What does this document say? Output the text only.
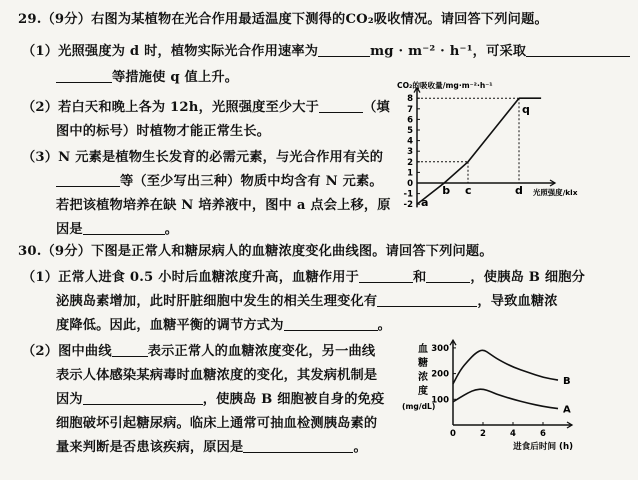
29.（9分）右图为某植物在光合作用最适温度下测得的CO₂吸收情况。请回答下列问题。
（1）光照强度为 d 时，植物实际光合作用速率为	mg · m⁻² · h⁻¹，可采取
等措施使 q 值上升。
（2）若白天和晚上各为 12h，光照强度至少大于	（填
图中的标号）时植物才能正常生长。
（3）N 元素是植物生长发育的必需元素，与光合作用有关的
等（至少写出三种）物质中均含有 N 元素。
若把该植物培养在缺 N 培养液中，图中 a 点会上移，原
因是	。
CO₂的吸收量/mg·m⁻²·h⁻¹
光照强度/klx
-2
-1
0
1
2
3
4
5
6
7
8
a
b c	d
q
30.（9分）下图是正常人和糖尿病人的血糖浓度变化曲线图。请回答下列问题。
（1）正常人进食 0.5 小时后血糖浓度升高，血糖作用于	和	，使胰岛 B 细胞分
泌胰岛素增加，此时肝脏细胞中发生的相关生理变化有	，导致血糖浓
度降低。因此，血糖平衡的调节方式为	。
（2）图中曲线	表示正常人的血糖浓度变化，另一曲线
表示人体感染某病毒时血糖浓度的变化，其发病机制是
因为	，使胰岛 B 细胞被自身的免疫
细胞破坏引起糖尿病。临床上通常可抽血检测胰岛素的
量来判断是否患该疾病，原因是	。
血
糖
浓
度
(mg/dL)
进食后时间 (h)
100
200
300
0	2	4	6
B
A
